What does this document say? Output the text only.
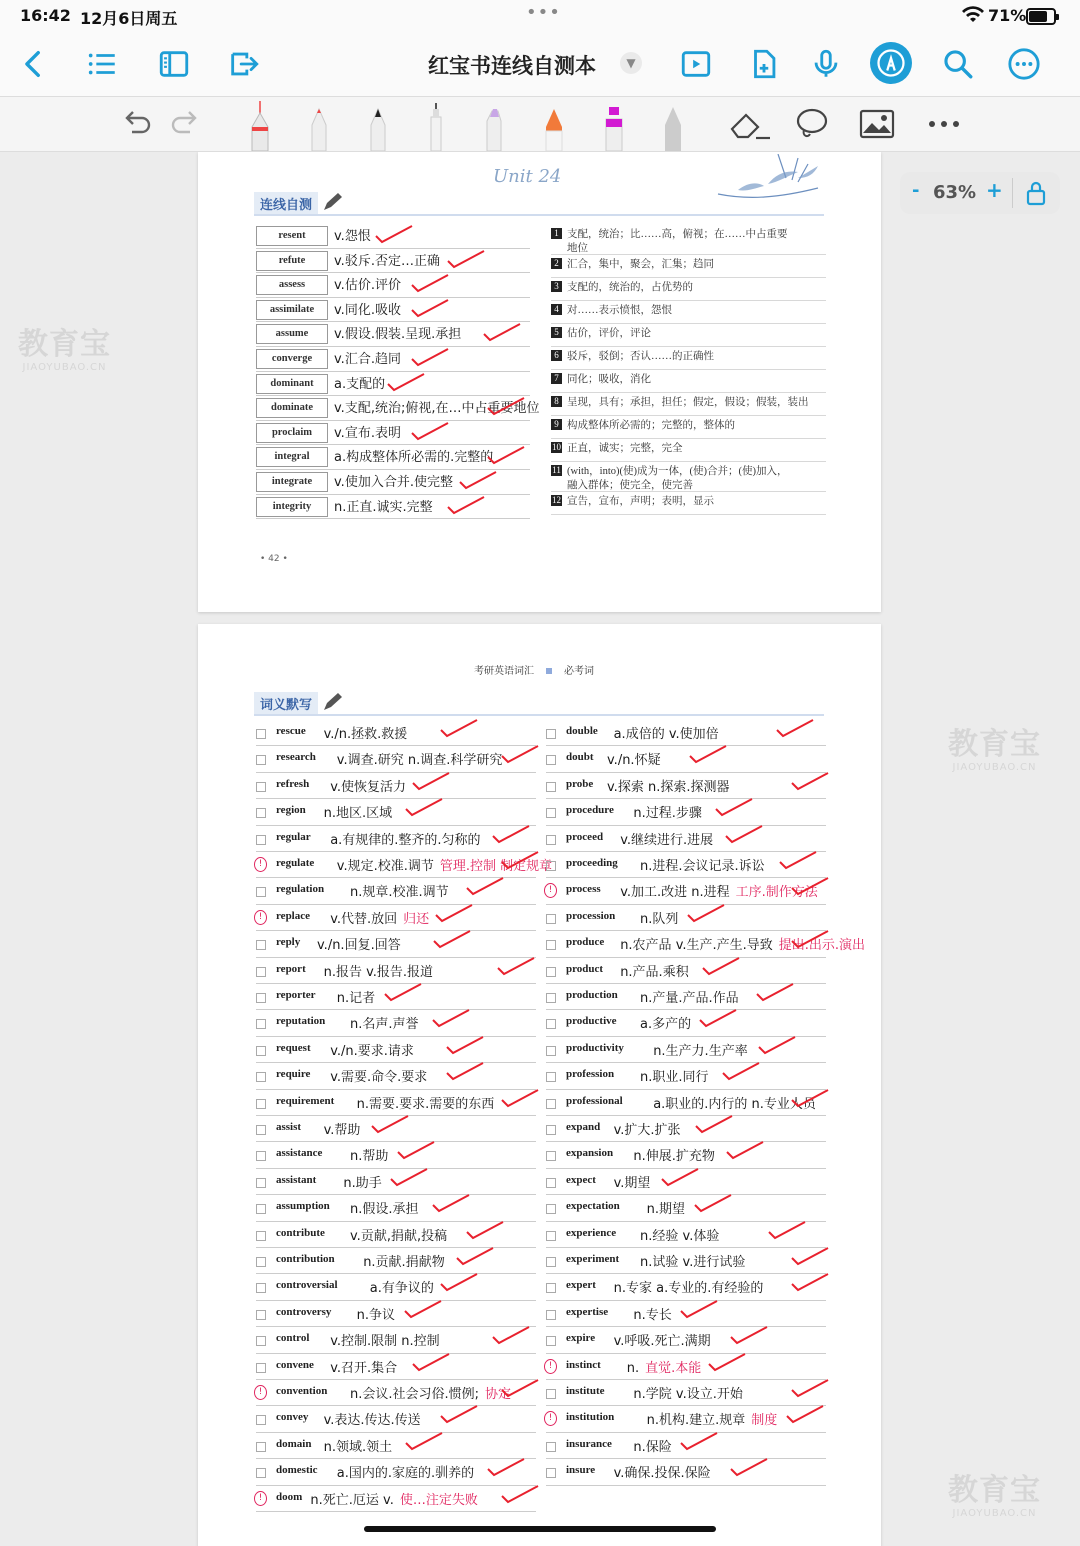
16:42 12月6日周五	•••	71%
红宝书连线自测本	▼
Unit 24
连线自测
resent	v.怨恨
refute	v.驳斥.否定…正确
assess	v.估价.评价
assimilate	v.同化.吸收
assume	v.假设.假装.呈现.承担
converge	v.汇合.趋同
dominant	a.支配的
dominate	v.支配,统治;俯视,在…中占重要地位
proclaim	v.宣布.表明
integral	a.构成整体所必需的.完整的
integrate	v.使加入合并.使完整
integrity	n.正直.诚实.完整
1 支配，统治；比……高，俯视；在……中占重要
地位
2 汇合，集中，聚会，汇集；趋同
3 支配的，统治的，占优势的
4 对……表示愤恨，怨恨
5 估价，评价，评论
6 驳斥，驳倒；否认……的正确性
7 同化；吸收，消化
8 呈现，具有；承担，担任；假定，假设；假装，装出
9 构成整体所必需的；完整的，整体的
10 正直，诚实；完整，完全
11 (with，into)(使)成为一体，(使)合并；(使)加入，
融入群体；使完全，使完善
12 宣告，宣布，声明；表明，显示
• 42 •
考研英语词汇	必考词
词义默写
rescue v./n.拯救.救援
research v.调查.研究 n.调查.科学研究
refresh v.使恢复活力
region n.地区.区域
regular a.有规律的.整齐的.匀称的
!	regulate v.规定.校准.调节 管理.控制 制定规章
regulation n.规章.校准.调节
!	replace v.代替.放回 归还
reply v./n.回复.回答
report n.报告 v.报告.报道
reporter n.记者
reputation n.名声.声誉
request v./n.要求.请求
require v.需要.命令.要求
requirement n.需要.要求.需要的东西
assist v.帮助
assistance n.帮助
assistant n.助手
assumption n.假设.承担
contribute v.贡献,捐献,投稿
contribution n.贡献.捐献物
controversial a.有争议的
controversy n.争议
control v.控制.限制 n.控制
convene v.召开.集合
!	convention n.会议.社会习俗.惯例; 协定
convey v.表达.传达.传送
domain n.领域.领土
domestic a.国内的.家庭的.驯养的
!	doom n.死亡.厄运 v. 使…注定失败
double a.成倍的 v.使加倍
doubt v./n.怀疑
probe v.探索 n.探索.探测器
procedure n.过程.步骤
proceed v.继续进行.进展
proceeding n.进程.会议记录.诉讼
!	process v.加工.改进 n.进程 工序.制作方法
procession n.队列
produce n.农产品 v.生产.产生.导致 提出.出示.演出
product n.产品.乘积
production n.产量.产品.作品
productive a.多产的
productivity n.生产力.生产率
profession n.职业.同行
professional a.职业的.内行的 n.专业人员
expand v.扩大.扩张
expansion n.伸展.扩充物
expect v.期望
expectation n.期望
experience n.经验 v.体验
experiment n.试验 v.进行试验
expert n.专家 a.专业的.有经验的
expertise n.专长
expire v.呼吸.死亡.满期
!	instinct n. 直觉.本能
institute n.学院 v.设立.开始
!	institution n.机构.建立.规章 制度
insurance n.保险
insure v.确保.投保.保险
- 63% +
教育宝
JIAOYUBAO.CN
教育宝
JIAOYUBAO.CN
教育宝
JIAOYUBAO.CN
